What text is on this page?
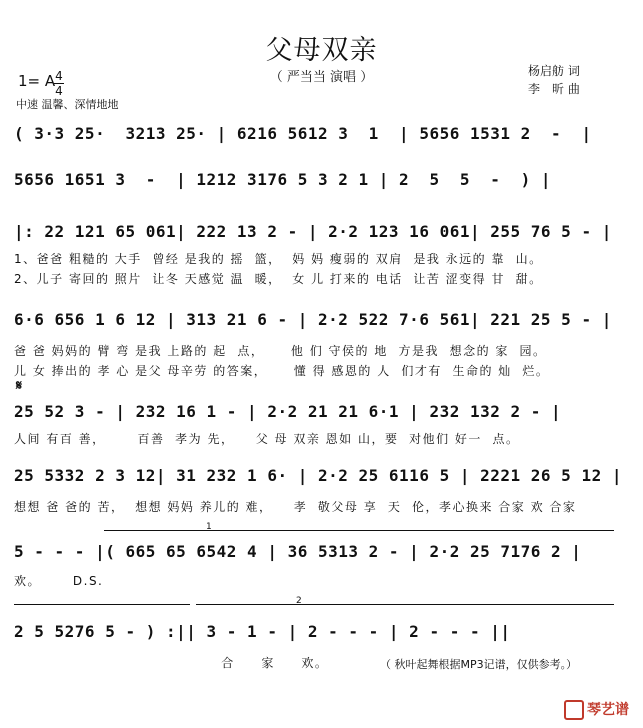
父母双亲
（ 严当当 演唱 ）	杨启舫 词
李　昕 曲
1= A 4
4
中速 温馨、深情地地
( 3·3 25·  3213 25· | 6216 5612 3  1  | 5656 1531 2  -  |
5656 1651 3  -  | 1212 3176 5 3 2 1 | 2  5  5  -  ) |
|: 22 121 65 061| 222 13 2 - | 2·2 123 16 061| 255 76 5 - |
1、爸爸 粗糙的 大手  曾经 是我的 摇  篮，  妈 妈 瘦弱的 双肩  是我 永远的 靠  山。
2、儿子 寄回的 照片  让冬 天感觉 温  暖，  女 儿 打来的 电话  让苦 涩变得 甘  甜。
6·6 656 1 6 12 | 313 21 6 - | 2·2 522 7·6 561| 221 25 5 - |
爸 爸 妈妈的 臂 弯 是我 上路的 起  点，     他 们 守侯的 地  方是我  想念的 家  园。
儿 女 捧出的 孝 心 是父 母辛劳 的答案，     懂 得 感恩的 人  们才有  生命的 灿  烂。
𝄋
25 52 3 - | 232 16 1 - | 2·2 21 21 6·1 | 232 132 2 - |
人间 有百 善，      百善  孝为 先，    父 母 双亲 恩如 山，要  对他们 好一  点。
25 5332 2 3 12| 31 232 1 6· | 2·2 25 6116 5 | 2221 26 5 12 |
想想 爸 爸的 苦，  想想 妈妈 养儿的 难，    孝  敬父母 享  天  伦，孝心换来 合家 欢 合家
1
5 - - - |( 665 65 6542 4 | 36 5313 2 - | 2·2 25 7176 2 |
欢。      D.S.
2
2 5 5276 5 - ) :|| 3 - 1 - | 2 - - - | 2 - - - ||
合     家     欢。	（ 秋叶起舞根据MP3记谱，仅供参考。）
琴艺谱
